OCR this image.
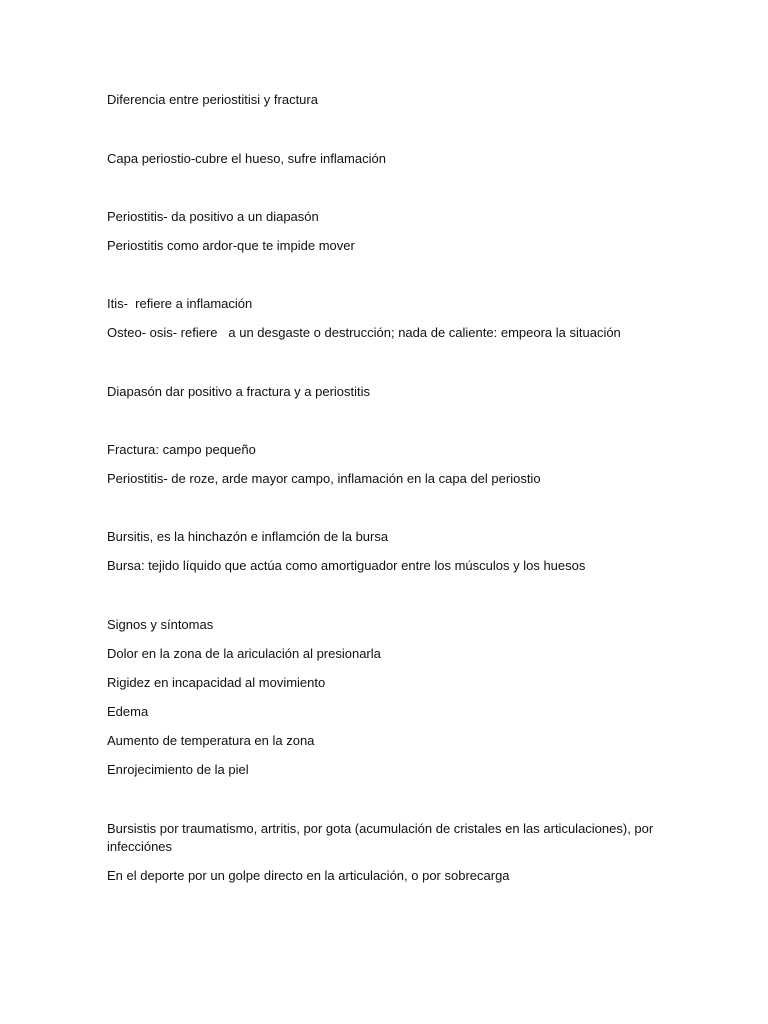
Diferencia entre periostitisi y fractura

Capa periostio-cubre el hueso, sufre inflamación

Periostitis- da positivo a un diapasón

Periostitis como ardor-que te impide mover

Itis-  refiere a inflamación

Osteo- osis- refiere   a un desgaste o destrucción; nada de caliente: empeora la situación

Diapasón dar positivo a fractura y a periostitis

Fractura: campo pequeño

Periostitis- de roze, arde mayor campo, inflamación en la capa del periostio

Bursitis, es la hinchazón e inflamción de la bursa

Bursa: tejido líquido que actúa como amortiguador entre los músculos y los huesos

Signos y síntomas

Dolor en la zona de la ariculación al presionarla

Rigidez en incapacidad al movimiento

Edema

Aumento de temperatura en la zona

Enrojecimiento de la piel

Bursistis por traumatismo, artritis, por gota (acumulación de cristales en las articulaciones), por infecciónes

En el deporte por un golpe directo en la articulación, o por sobrecarga
